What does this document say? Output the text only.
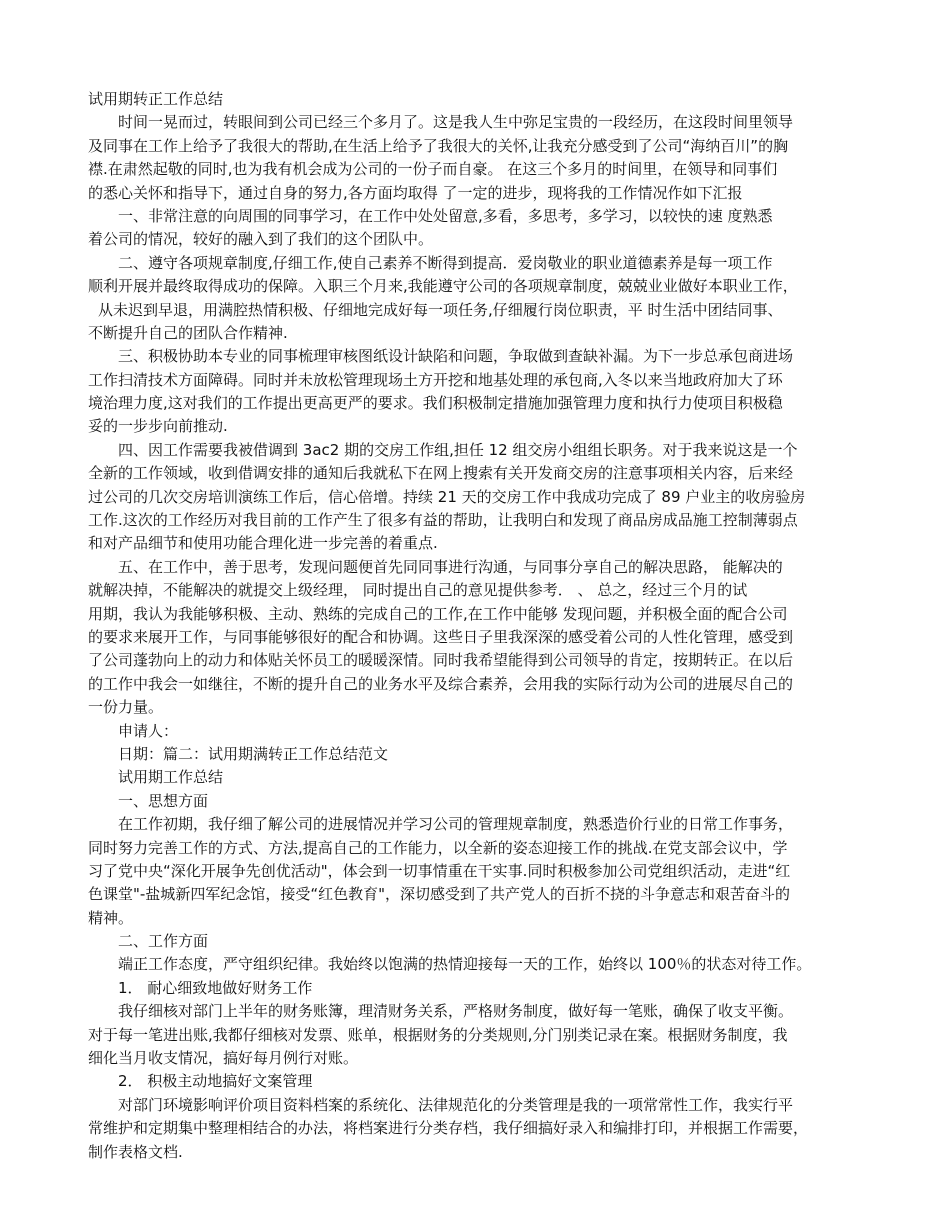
试用期转正工作总结
时间一晃而过，转眼间到公司已经三个多月了。这是我人生中弥足宝贵的一段经历，在这段时间里领导
及同事在工作上给予了我很大的帮助,在生活上给予了我很大的关怀,让我充分感受到了公司“海纳百川”的胸
襟.在肃然起敬的同时,也为我有机会成为公司的一份子而自豪。 在这三个多月的时间里，在领导和同事们
的悉心关怀和指导下，通过自身的努力,各方面均取得 了一定的进步，现将我的工作情况作如下汇报
一、非常注意的向周围的同事学习，在工作中处处留意,多看，多思考，多学习，以较快的速 度熟悉
着公司的情况，较好的融入到了我们的这个团队中。
二、遵守各项规章制度,仔细工作,使自己素养不断得到提高．爱岗敬业的职业道德素养是每一项工作
顺利开展并最终取得成功的保障。入职三个月来,我能遵守公司的各项规章制度，兢兢业业做好本职业工作，
从未迟到早退，用满腔热情积极、仔细地完成好每一项任务,仔细履行岗位职责，平 时生活中团结同事、
不断提升自己的团队合作精神.
三、积极协助本专业的同事梳理审核图纸设计缺陷和问题，争取做到查缺补漏。为下一步总承包商进场
工作扫清技术方面障碍。同时并未放松管理现场土方开挖和地基处理的承包商,入冬以来当地政府加大了环
境治理力度,这对我们的工作提出更高更严的要求。我们积极制定措施加强管理力度和执行力使项目积极稳
妥的一步步向前推动.
四、因工作需要我被借调到 3ac2 期的交房工作组,担任 12 组交房小组组长职务。对于我来说这是一个
全新的工作领域，收到借调安排的通知后我就私下在网上搜索有关开发商交房的注意事项相关内容，后来经
过公司的几次交房培训演练工作后，信心倍增。持续 21 天的交房工作中我成功完成了 89 户业主的收房验房
工作.这次的工作经历对我目前的工作产生了很多有益的帮助，让我明白和发现了商品房成品施工控制薄弱点
和对产品细节和使用功能合理化进一步完善的着重点.
五、在工作中，善于思考，发现问题便首先同同事进行沟通，与同事分享自己的解决思路， 能解决的
就解决掉，不能解决的就提交上级经理， 同时提出自己的意见提供参考． 、 总之，经过三个月的试
用期，我认为我能够积极、主动、熟练的完成自己的工作,在工作中能够 发现问题，并积极全面的配合公司
的要求来展开工作，与同事能够很好的配合和协调。这些日子里我深深的感受着公司的人性化管理，感受到
了公司蓬勃向上的动力和体贴关怀员工的暖暖深情。同时我希望能得到公司领导的肯定，按期转正。在以后
的工作中我会一如继往，不断的提升自己的业务水平及综合素养，会用我的实际行动为公司的进展尽自己的
一份力量。
申请人：
日期：篇二：试用期满转正工作总结范文
试用期工作总结
一、思想方面
在工作初期，我仔细了解公司的进展情况并学习公司的管理规章制度，熟悉造价行业的日常工作事务，
同时努力完善工作的方式、方法,提高自己的工作能力，以全新的姿态迎接工作的挑战.在党支部会议中，学
习了党中央“深化开展争先创优活动"，体会到一切事情重在干实事.同时积极参加公司党组织活动，走进“红
色课堂"-盐城新四军纪念馆，接受“红色教育"，深切感受到了共产党人的百折不挠的斗争意志和艰苦奋斗的
精神。
二、工作方面
端正工作态度，严守组织纪律。我始终以饱满的热情迎接每一天的工作，始终以 100％的状态对待工作。
1． 耐心细致地做好财务工作
我仔细核对部门上半年的财务账簿，理清财务关系，严格财务制度，做好每一笔账，确保了收支平衡。
对于每一笔进出账,我都仔细核对发票、账单，根据财务的分类规则,分门别类记录在案。根据财务制度，我
细化当月收支情况，搞好每月例行对账。
2． 积极主动地搞好文案管理
对部门环境影响评价项目资料档案的系统化、法律规范化的分类管理是我的一项常常性工作，我实行平
常维护和定期集中整理相结合的办法，将档案进行分类存档，我仔细搞好录入和编排打印，并根据工作需要，
制作表格文档.
